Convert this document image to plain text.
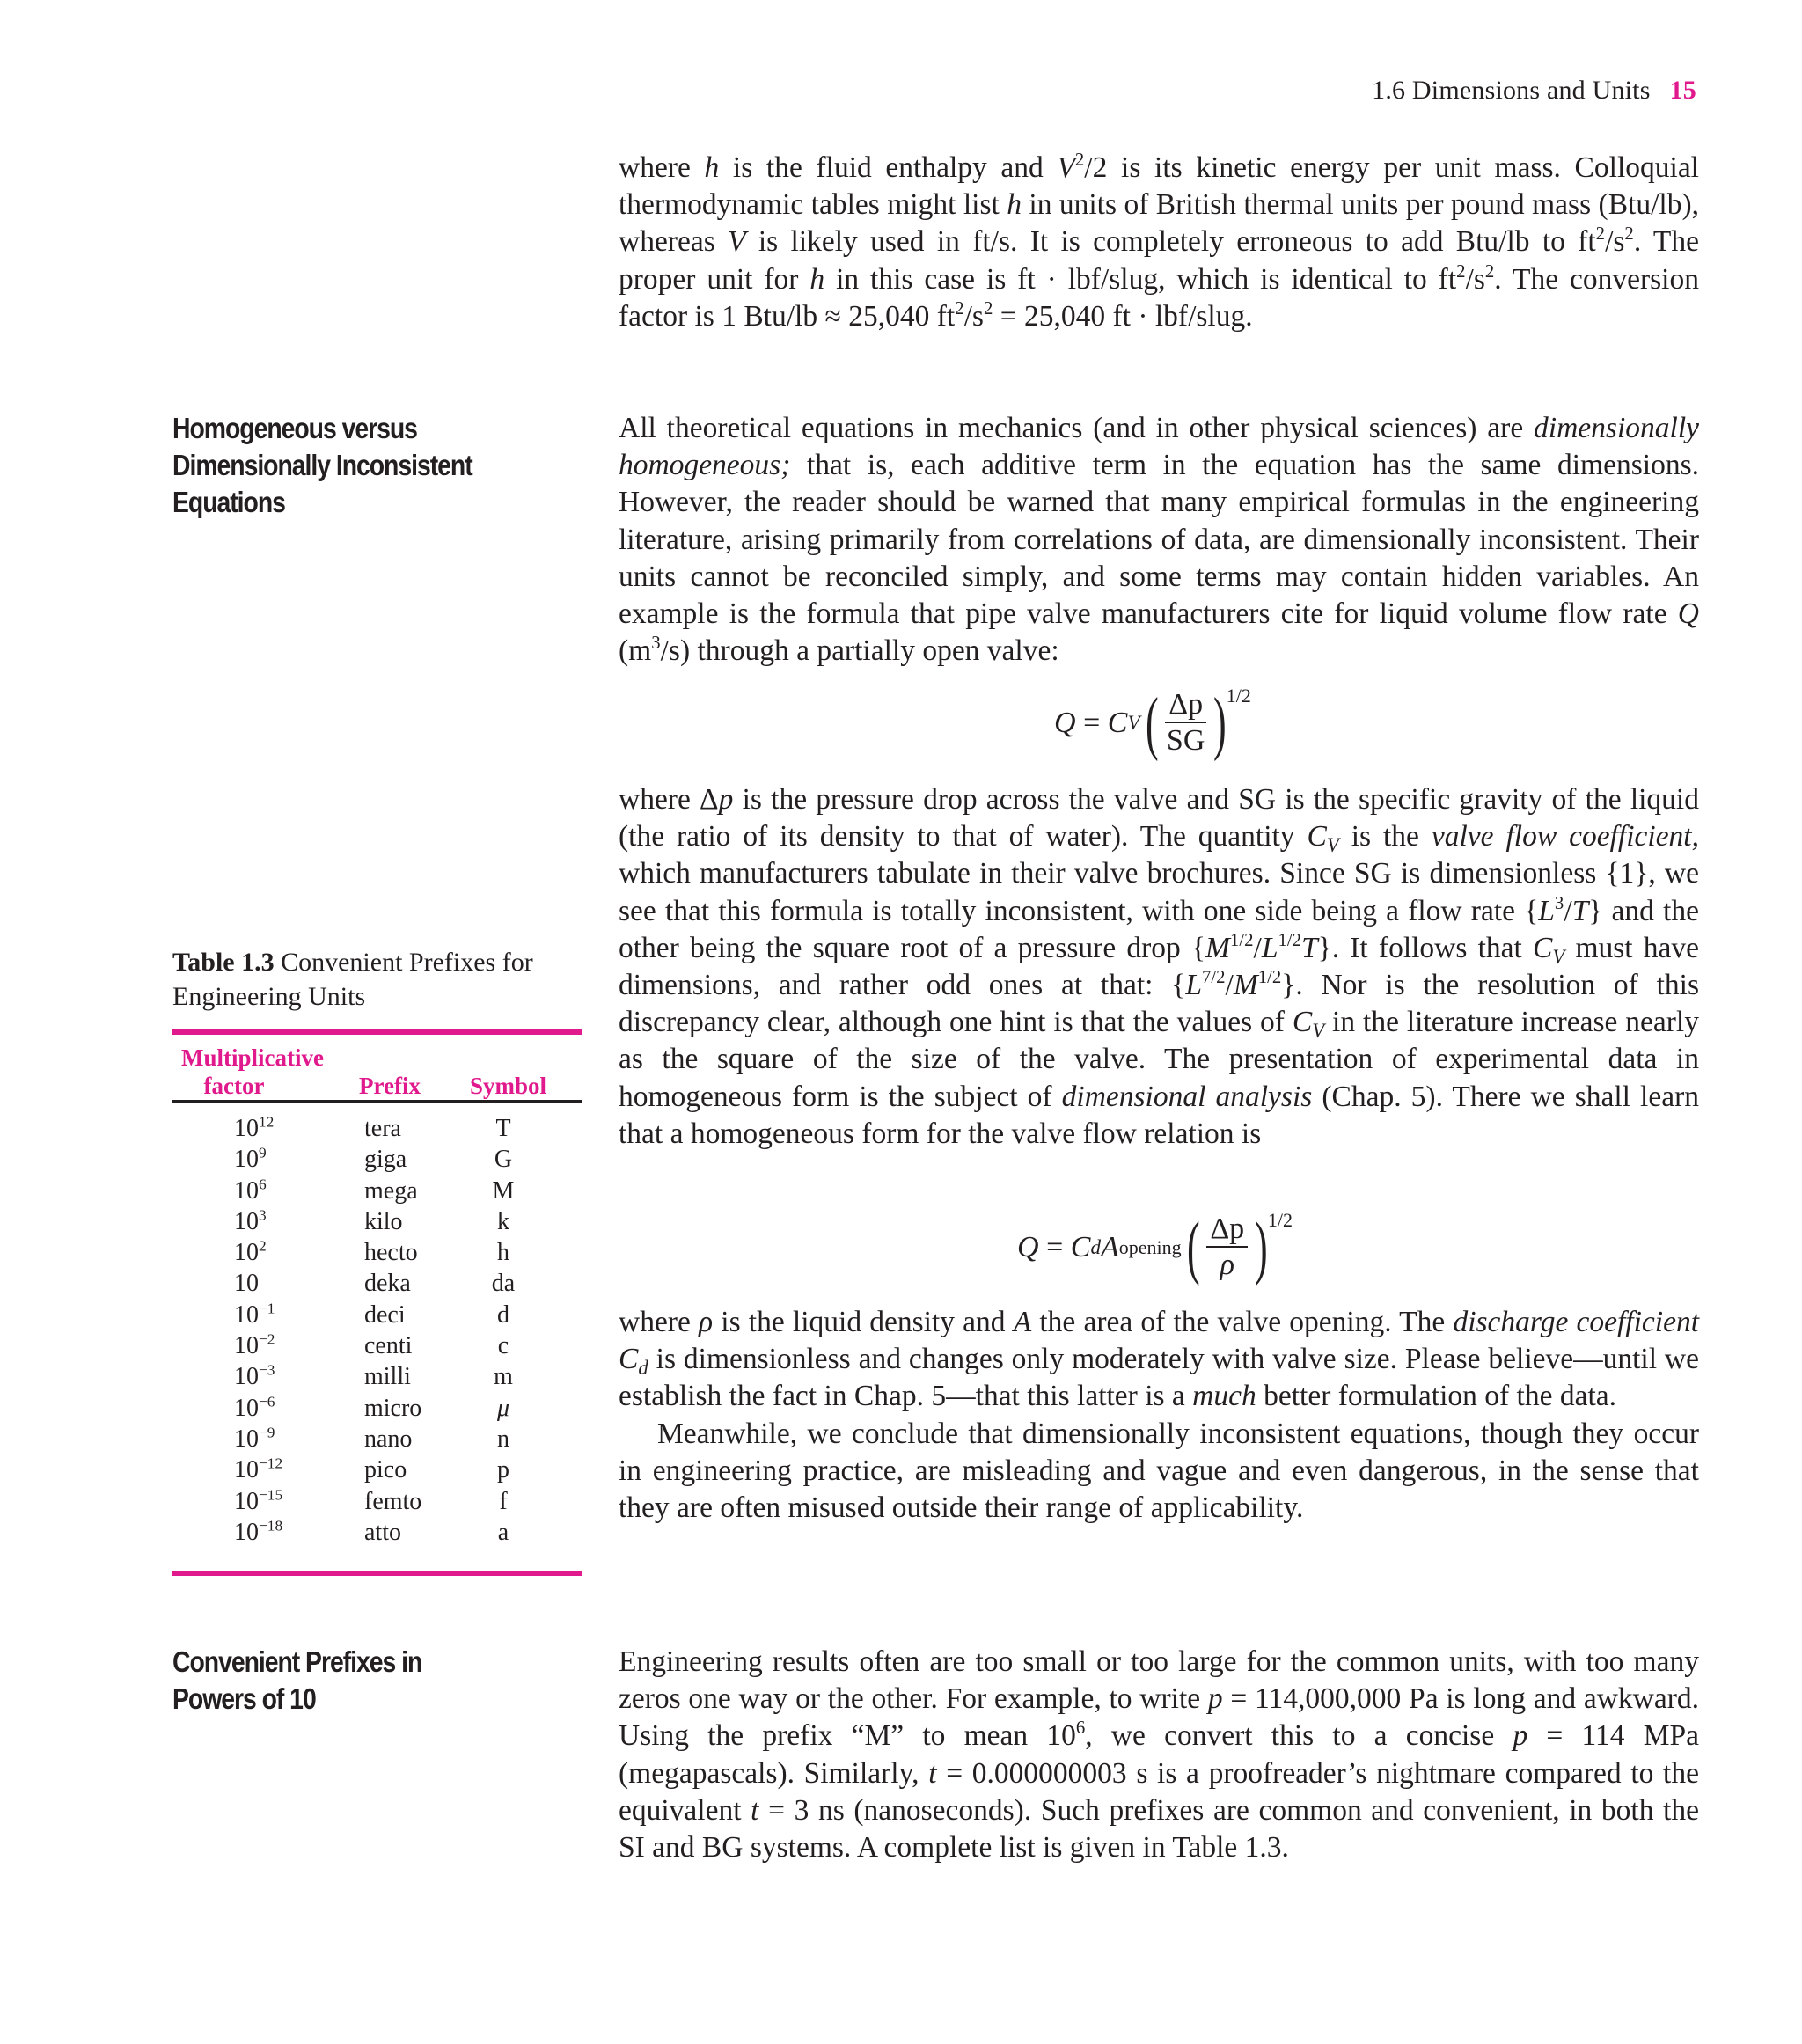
1.6 Dimensions and Units 15

where h is the fluid enthalpy and $V^2/2$ is its kinetic energy per unit mass. Colloquial thermodynamic tables might list h in units of British thermal units per pound mass (Btu/lb), whereas V is likely used in ft/s. It is completely erroneous to add Btu/lb to $ft^2/s^2$. The proper unit for h in this case is ft · lbf/slug, which is identical to $ft^2/s^2$. The conversion factor is 1 Btu/lb ≈ 25,040 $ft^2/s^2 = 25,040$ ft · lbf/slug.

Homogeneous versus
Dimensionally Inconsistent
Equations

All theoretical equations in mechanics (and in other physical sciences) are dimensionally homogeneous; that is, each additive term in the equation has the same dimensions. However, the reader should be warned that many empirical formulas in the engineering literature, arising primarily from correlations of data, are dimensionally inconsistent. Their units cannot be reconciled simply, and some terms may contain hidden variables. An example is the formula that pipe valve manufacturers cite for liquid volume flow rate Q $(m^3/s)$ through a partially open valve:

Q = C V ( $\frac{\Delta p}{SG}$ ) 1/2

where Δp is the pressure drop across the valve and SG is the specific gravity of the liquid (the ratio of its density to that of water). The quantity $C_V$ is the valve flow coefficient, which manufacturers tabulate in their valve brochures. Since SG is dimensionless {1}, we see that this formula is totally inconsistent, with one side being a flow rate $\{L^3/T\}$ and the other being the square root of a pressure drop $\{M^{1/2}/L^{1/2}T\}$. It follows that $C_V$ must have dimensions, and rather odd ones at that: $\{L^{7/2}/M^{1/2}\}$. Nor is the resolution of this discrepancy clear, although one hint is that the values of $C_V$ in the literature increase nearly as the square of the size of the valve. The presentation of experimental data in homogeneous form is the subject of dimensional analysis (Chap. 5). There we shall learn that a homogeneous form for the valve flow relation is

Q = C d A opening ( $\frac{\Delta p}{\rho}$ ) 1/2

where ρ is the liquid density and A the area of the valve opening. The discharge coefficient $C_d$ is dimensionless and changes only moderately with valve size. Please believe—until we establish the fact in Chap. 5—that this latter is a much better formulation of the data.

Meanwhile, we conclude that dimensionally inconsistent equations, though they occur in engineering practice, are misleading and vague and even dangerous, in the sense that they are often misused outside their range of applicability.

Table 1.3 Convenient Prefixes for Engineering Units
Multiplicative
factor	Prefix Symbol
$10^{12}$	tera	T
$10^9$	giga	G
$10^6$	mega	M
$10^3$	kilo	k
$10^2$	hecto	h
10	deka	da
$10^{-1}$	deci	d
$10^{-2}$	centi	c
$10^{-3}$	milli	m
$10^{-6}$	micro	μ
$10^{-9}$	nano	n
$10^{-12}$	pico	p
$10^{-15}$	femto	f
$10^{-18}$	atto	a
Convenient Prefixes in
Powers of 10

Engineering results often are too small or too large for the common units, with too many zeros one way or the other. For example, to write p = 114,000,000 Pa is long and awkward. Using the prefix “M” to mean $10^6$, we convert this to a concise p = 114 MPa (megapascals). Similarly, t = 0.000000003 s is a proofreader’s nightmare compared to the equivalent t = 3 ns (nanoseconds). Such prefixes are common and convenient, in both the SI and BG systems. A complete list is given in Table 1.3.
